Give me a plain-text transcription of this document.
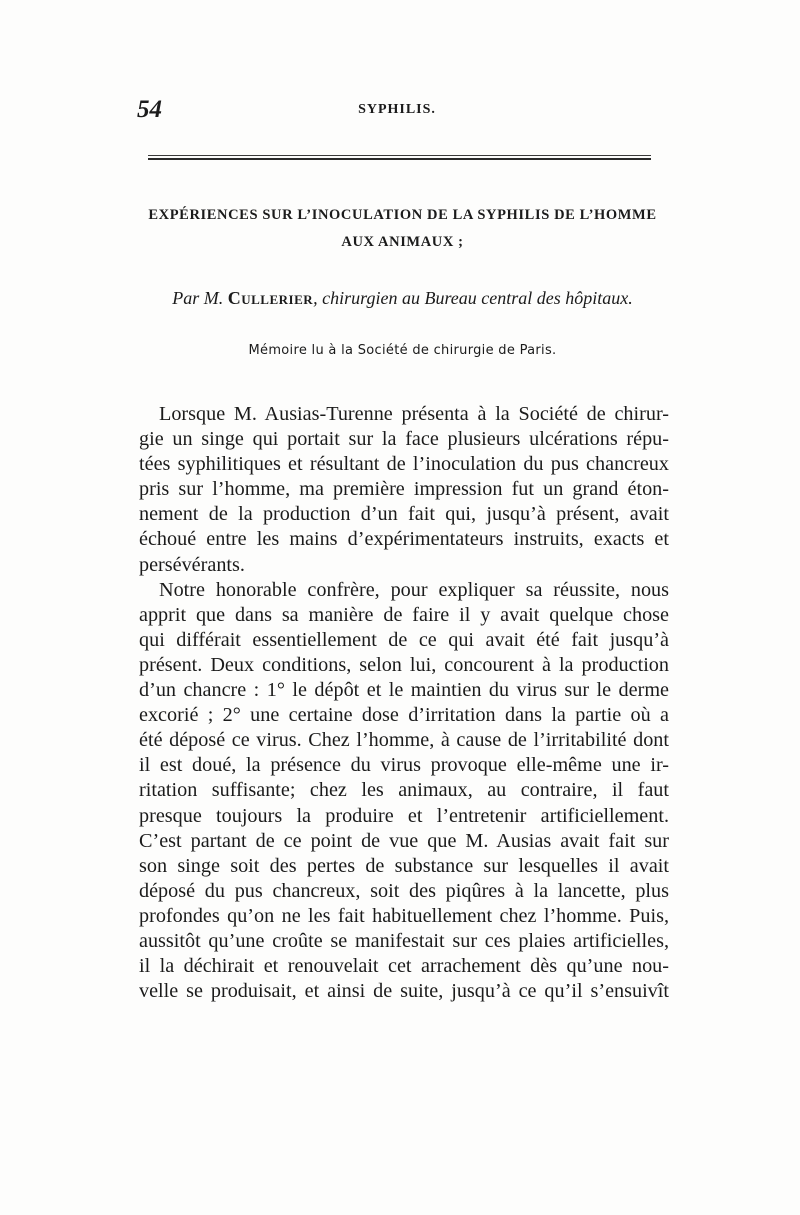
54	SYPHILIS.
EXPÉRIENCES SUR L’INOCULATION DE LA SYPHILIS DE L’HOMME
AUX ANIMAUX ;
Par M. Cullerier, chirurgien au Bureau central des hôpitaux.
Mémoire lu à la Société de chirurgie de Paris.
Lorsque M. Ausias-Turenne présenta à la Société de chirur-
gie un singe qui portait sur la face plusieurs ulcérations répu-
tées syphilitiques et résultant de l’inoculation du pus chancreux
pris sur l’homme, ma première impression fut un grand éton-
nement de la production d’un fait qui, jusqu’à présent, avait
échoué entre les mains d’expérimentateurs instruits, exacts et
persévérants.
Notre honorable confrère, pour expliquer sa réussite, nous
apprit que dans sa manière de faire il y avait quelque chose
qui différait essentiellement de ce qui avait été fait jusqu’à
présent. Deux conditions, selon lui, concourent à la production
d’un chancre : 1° le dépôt et le maintien du virus sur le derme
excorié ; 2° une certaine dose d’irritation dans la partie où a
été déposé ce virus. Chez l’homme, à cause de l’irritabilité dont
il est doué, la présence du virus provoque elle-même une ir-
ritation suffisante; chez les animaux, au contraire, il faut
presque toujours la produire et l’entretenir artificiellement.
C’est partant de ce point de vue que M. Ausias avait fait sur
son singe soit des pertes de substance sur lesquelles il avait
déposé du pus chancreux, soit des piqûres à la lancette, plus
profondes qu’on ne les fait habituellement chez l’homme. Puis,
aussitôt qu’une croûte se manifestait sur ces plaies artificielles,
il la déchirait et renouvelait cet arrachement dès qu’une nou-
velle se produisait, et ainsi de suite, jusqu’à ce qu’il s’ensuivît
